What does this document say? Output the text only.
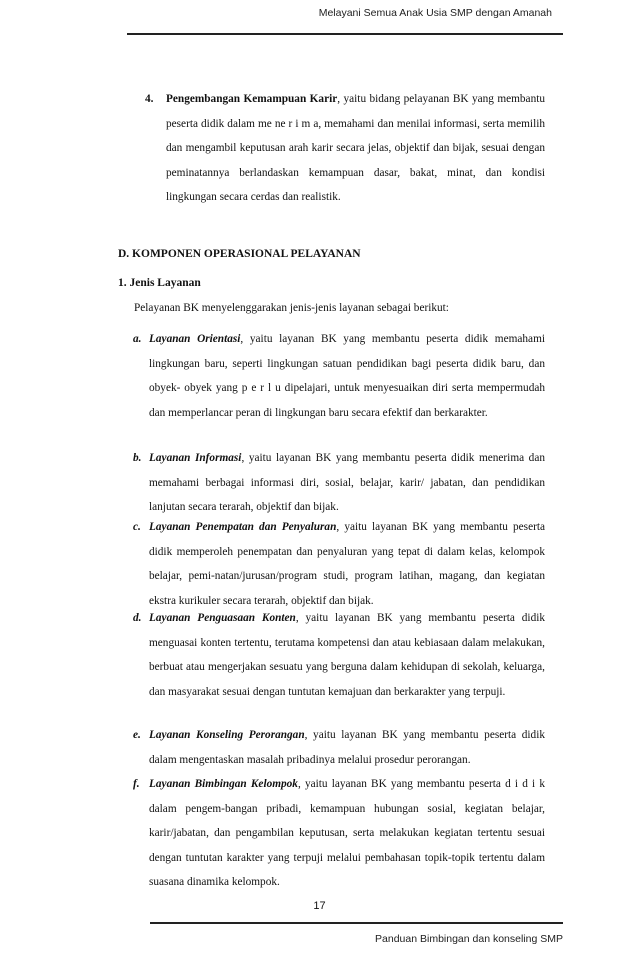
Melayani Semua Anak Usia SMP dengan Amanah
4. Pengembangan Kemampuan Karir, yaitu bidang pelayanan BK yang membantu peserta didik dalam me ne r i m a, memahami dan menilai informasi, serta memilih dan mengambil keputusan arah karir secara jelas, objektif dan bijak, sesuai dengan peminatannya berlandaskan kemampuan dasar, bakat, minat, dan kondisi lingkungan secara cerdas dan realistik.
D. KOMPONEN OPERASIONAL PELAYANAN
1. Jenis Layanan
Pelayanan BK menyelenggarakan jenis-jenis layanan sebagai berikut:
a. Layanan Orientasi, yaitu layanan BK yang membantu peserta didik memahami lingkungan baru, seperti lingkungan satuan pendidikan bagi peserta didik baru, dan obyek- obyek yang p e r l u dipelajari, untuk menyesuaikan diri serta mempermudah dan memperlancar peran di lingkungan baru secara efektif dan berkarakter.
b. Layanan Informasi, yaitu layanan BK yang membantu peserta didik menerima dan memahami berbagai informasi diri, sosial, belajar, karir/ jabatan, dan pendidikan lanjutan secara terarah, objektif dan bijak.
c. Layanan Penempatan dan Penyaluran, yaitu layanan BK yang membantu peserta didik memperoleh penempatan dan penyaluran yang tepat di dalam kelas, kelompok belajar, pemi-natan/jurusan/program studi, program latihan, magang, dan kegiatan ekstra kurikuler secara terarah, objektif dan bijak.
d. Layanan Penguasaan Konten, yaitu layanan BK yang membantu peserta didik menguasai konten tertentu, terutama kompetensi dan atau kebiasaan dalam melakukan, berbuat atau mengerjakan sesuatu yang berguna dalam kehidupan di sekolah, keluarga, dan masyarakat sesuai dengan tuntutan kemajuan dan berkarakter yang terpuji.
e. Layanan Konseling Perorangan, yaitu layanan BK yang membantu peserta didik dalam mengentaskan masalah pribadinya melalui prosedur perorangan.
f. Layanan Bimbingan Kelompok, yaitu layanan BK yang membantu peserta d i d i k dalam pengem-bangan pribadi, kemampuan hubungan sosial, kegiatan belajar, karir/jabatan, dan pengambilan keputusan, serta melakukan kegiatan tertentu sesuai dengan tuntutan karakter yang terpuji melalui pembahasan topik-topik tertentu dalam suasana dinamika kelompok.
17
Panduan Bimbingan dan konseling SMP
